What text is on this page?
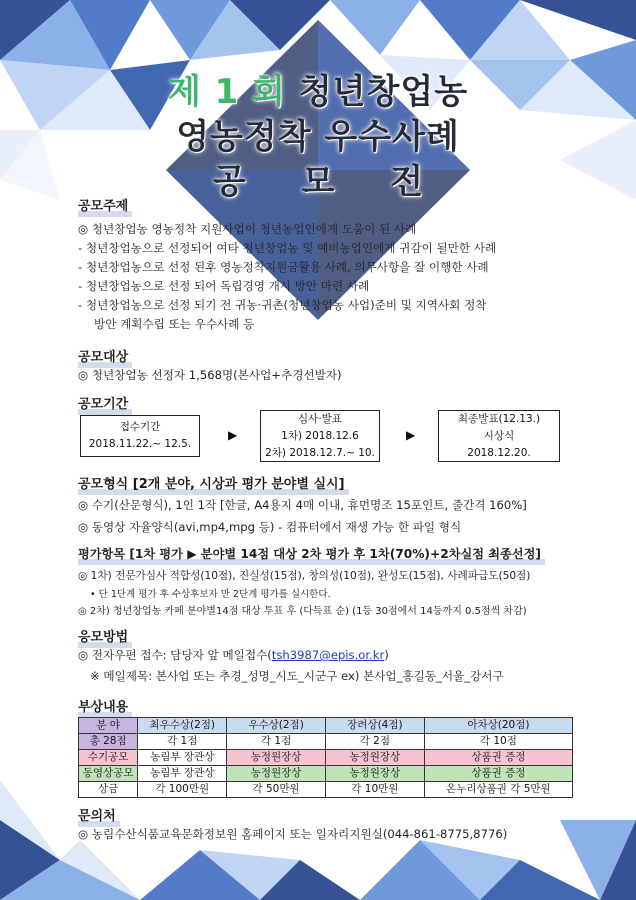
제 1 회 청년창업농
영농정착 우수사례
공 모 전
공모주제
◎ 청년창업농 영농정착 지원사업이 청년농업인에게 도움이 된 사례
- 청년창업농으로 선정되어 여타 청년창업농 및 예비농업인에게 귀감이 될만한 사례
- 청년창업농으로 선정 된후 영농정착지원금활용 사례, 의무사항을 잘 이행한 사례
- 청년창업농으로 선정 되어 독립경영 개시 방안 마련 사례
- 청년창업농으로 선정 되기 전 귀농·귀촌(청년창업농 사업)준비 및 지역사회 정착
방안 계획수립 또는 우수사례 등
공모대상
◎ 청년창업농 선정자 1,568명(본사업+추경선발자)
공모기간
접수기간
2018.11.22.~ 12.5.
▶
심사·발표
1차) 2018.12.6
2차) 2018.12.7.~ 10.
▶
최종발표(12.13.)
시상식
2018.12.20.
공모형식 [2개 분야, 시상과 평가 분야별 실시]
◎ 수기(산문형식), 1인 1작 [한글, A4용지 4매 이내, 휴먼명조 15포인트, 줄간격 160%]
◎ 동영상 자율양식(avi,mp4,mpg 등) - 컴퓨터에서 재생 가능 한 파일 형식
평가항목 [1차 평가 ▶ 분야별 14점 대상 2차 평가 후 1차(70%)+2차실점 최종선정]
◎ 1차) 전문가심사 적합성(10점), 진실성(15점), 창의성(10점), 완성도(15점), 사례파급도(50점)
• 단 1단계 평가 후 수상후보자 만 2단계 평가를 실시한다.
◎ 2차) 청년창업농 카페 분야별14점 대상 투표 후 (다득표 순) (1등 30점에서 14등까지 0.5점씩 차감)
응모방법
◎ 전자우편 접수: 담당자 앞 메일접수(tsh3987@epis.or.kr)
※ 메일제목: 본사업 또는 추경_성명_시도_시군구 ex) 본사업_홍길동_서울_강서구
부상내용
분 야	최우수상(2점)	우수상(2점)	장려상(4점)	아차상(20점)
총 28점	각 1점	각 1점	각 2점	각 10점
수기공모	농림부 장관상	농정원장상	농정원장상	상품권 증정
동영상공모	농림부 장관상	농정원장상	농정원장상	상품권 증정
상금	각 100만원	각 50만원	각 10만원	온누리상품권 각 5만원
문의처
◎ 농림수산식품교육문화정보원 홈페이지 또는 일자리지원실(044-861-8775,8776)
